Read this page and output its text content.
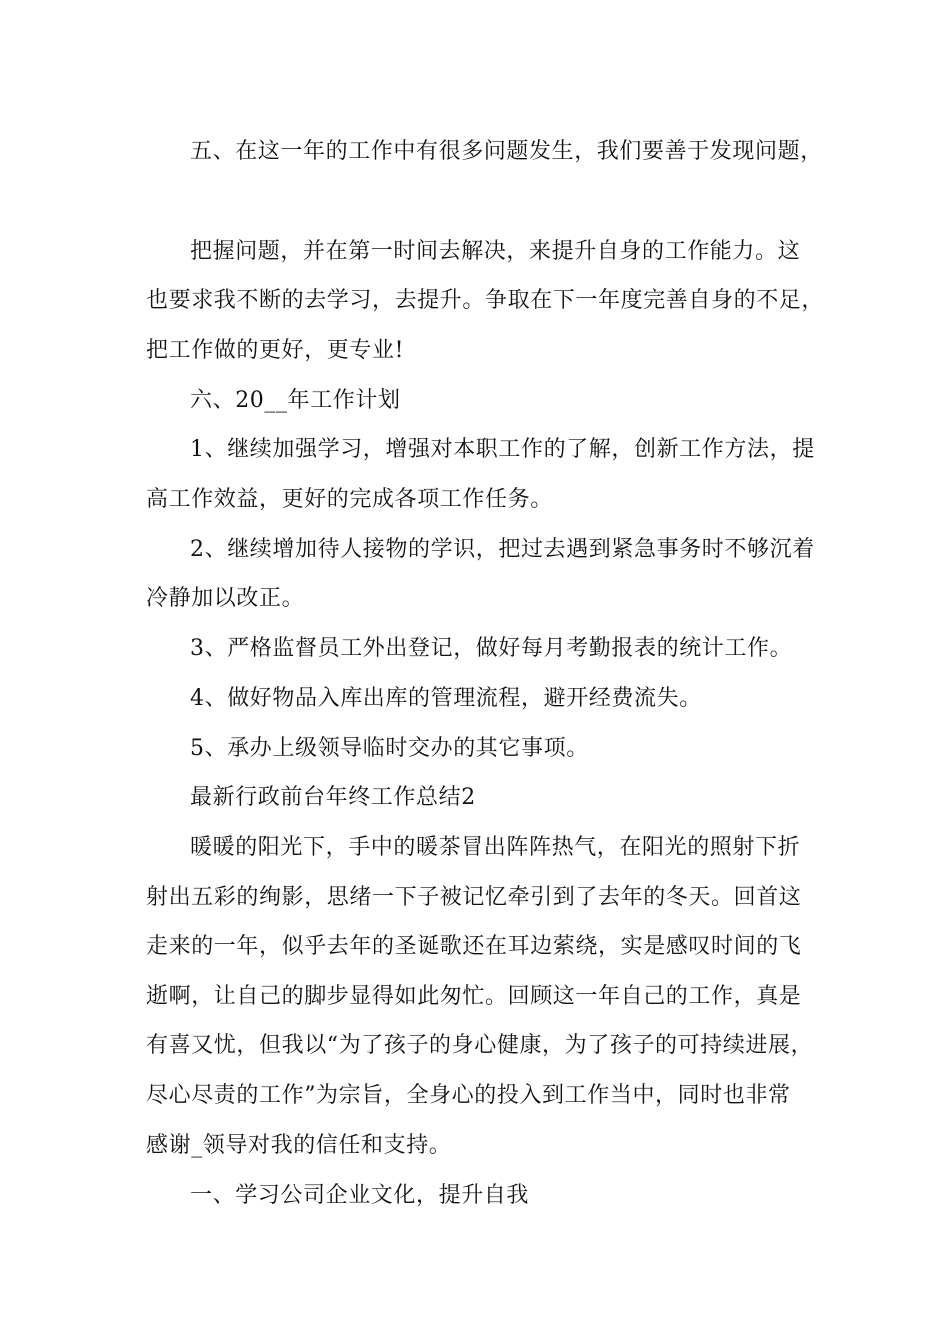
五、在这一年的工作中有很多问题发生，我们要善于发现问题，
把握问题，并在第一时间去解决，来提升自身的工作能力。这
也要求我不断的去学习，去提升。争取在下一年度完善自身的不足，
把工作做的更好，更专业!
六、20__年工作计划
1、继续加强学习，增强对本职工作的了解，创新工作方法，提
高工作效益，更好的完成各项工作任务。
2、继续增加待人接物的学识，把过去遇到紧急事务时不够沉着
冷静加以改正。
3、严格监督员工外出登记，做好每月考勤报表的统计工作。
4、做好物品入库出库的管理流程，避开经费流失。
5、承办上级领导临时交办的其它事项。
最新行政前台年终工作总结2
暖暖的阳光下，手中的暖茶冒出阵阵热气，在阳光的照射下折
射出五彩的绚影，思绪一下子被记忆牵引到了去年的冬天。回首这
走来的一年，似乎去年的圣诞歌还在耳边萦绕，实是感叹时间的飞
逝啊，让自己的脚步显得如此匆忙。回顾这一年自己的工作，真是
有喜又忧，但我以“为了孩子的身心健康，为了孩子的可持续进展，
尽心尽责的工作”为宗旨，全身心的投入到工作当中，同时也非常
感谢_领导对我的信任和支持。
一、学习公司企业文化，提升自我
